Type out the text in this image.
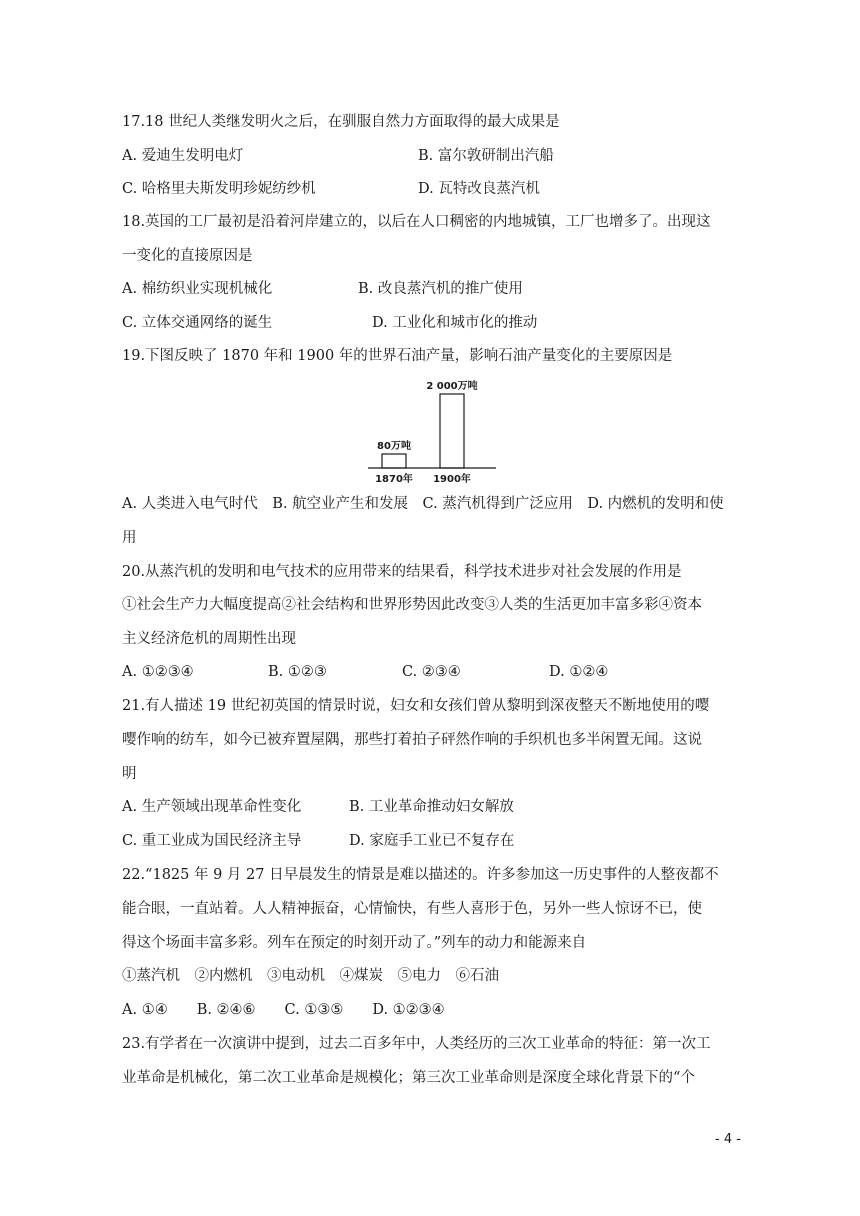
17.18 世纪人类继发明火之后，在驯服自然力方面取得的最大成果是
A. 爱迪生发明电灯	B. 富尔敦研制出汽船
C. 哈格里夫斯发明珍妮纺纱机	D. 瓦特改良蒸汽机
18.英国的工厂最初是沿着河岸建立的，以后在人口稠密的内地城镇，工厂也增多了。出现这
一变化的直接原因是
A. 棉纺织业实现机械化	B. 改良蒸汽机的推广使用
C. 立体交通网络的诞生	D. 工业化和城市化的推动
19.下图反映了 1870 年和 1900 年的世界石油产量，影响石油产量变化的主要原因是
80万吨
2 000万吨
1870年 1900年
A. 人类进入电气时代　B. 航空业产生和发展　C. 蒸汽机得到广泛应用　D. 内燃机的发明和使
用
20.从蒸汽机的发明和电气技术的应用带来的结果看，科学技术进步对社会发展的作用是
①社会生产力大幅度提高②社会结构和世界形势因此改变③人类的生活更加丰富多彩④资本
主义经济危机的周期性出现
A. ①②③④	B. ①②③	C. ②③④	D. ①②④
21.有人描述 19 世纪初英国的情景时说，妇女和女孩们曾从黎明到深夜整天不断地使用的嘤
嘤作响的纺车，如今已被弃置屋隅，那些打着拍子砰然作响的手织机也多半闲置无闻。这说
明
A. 生产领域出现革命性变化	B. 工业革命推动妇女解放
C. 重工业成为国民经济主导	D. 家庭手工业已不复存在
22.“1825 年 9 月 27 日早晨发生的情景是难以描述的。许多参加这一历史事件的人整夜都不
能合眼，一直站着。人人精神振奋，心情愉快，有些人喜形于色，另外一些人惊讶不已，使
得这个场面丰富多彩。列车在预定的时刻开动了。”列车的动力和能源来自
①蒸汽机　②内燃机　③电动机　④煤炭　⑤电力　⑥石油
A. ①④　　B. ②④⑥　　C. ①③⑤　　D. ①②③④
23.有学者在一次演讲中提到，过去二百多年中，人类经历的三次工业革命的特征：第一次工
业革命是机械化，第二次工业革命是规模化；第三次工业革命则是深度全球化背景下的“个
- 4 -
